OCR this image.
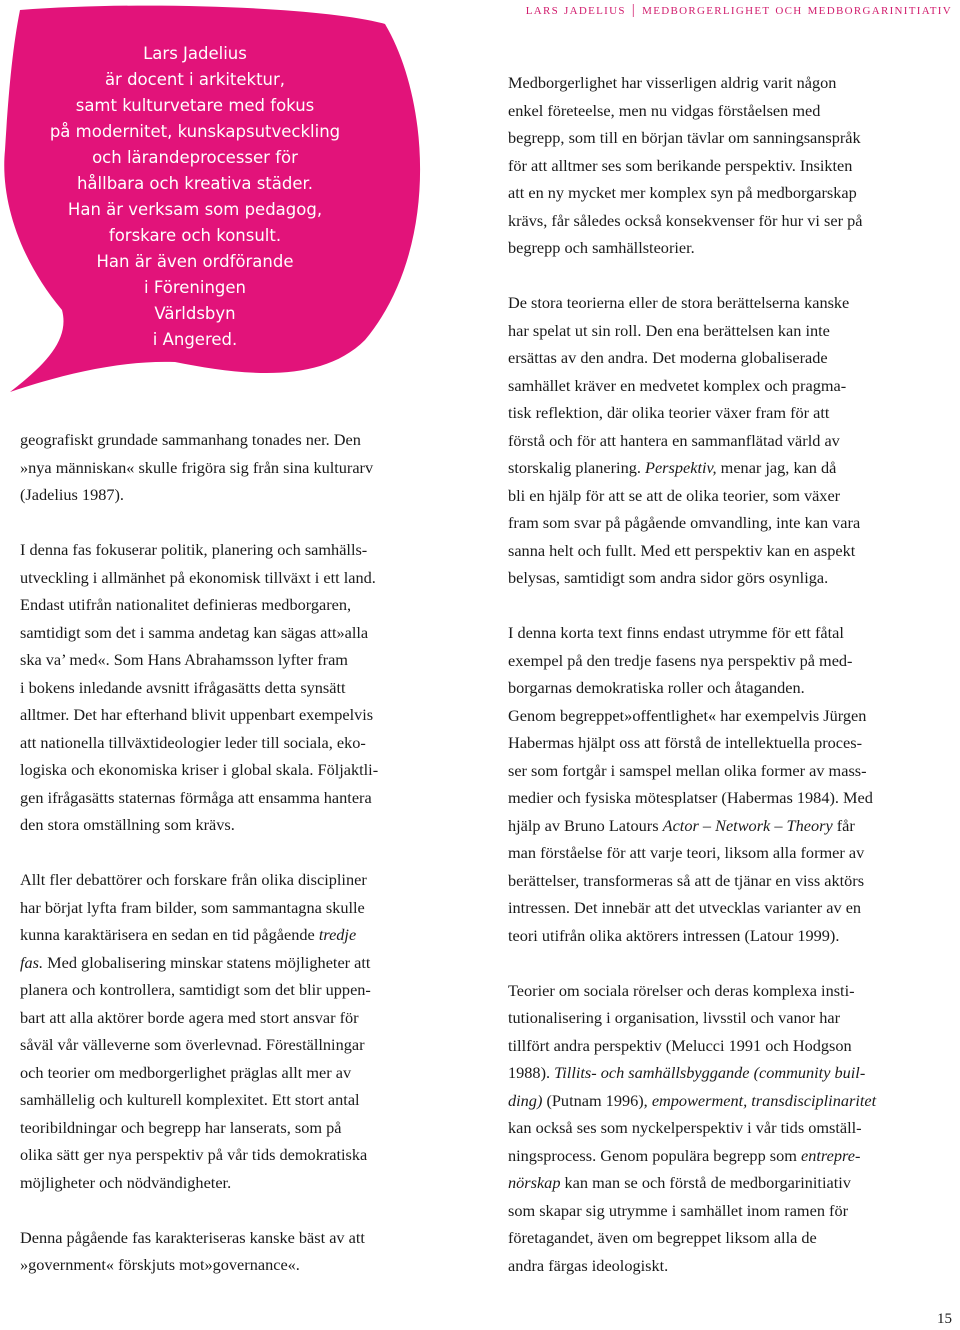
lars jadelius | medborgerlighet och medborgarinitiativ
Lars Jadelius
är docent i arkitektur,
samt kulturvetare med fokus
på modernitet, kunskapsutveckling
och lärandeprocesser för
hållbara och kreativa städer.
Han är verksam som pedagog,
forskare och konsult.
Han är även ordförande
i Föreningen
Världsbyn
i Angered.
geografiskt grundade sammanhang tonades ner. Den
»nya människan« skulle frigöra sig från sina kulturarv
(Jadelius 1987).
I denna fas fokuserar politik, planering och samhälls-
utveckling i allmänhet på ekonomisk tillväxt i ett land.
Endast utifrån nationalitet definieras medborgaren,
samtidigt som det i samma andetag kan sägas att»alla
ska va’ med«. Som Hans Abrahamsson lyfter fram
i bokens inledande avsnitt ifrågasätts detta synsätt
alltmer. Det har efterhand blivit uppenbart exempelvis
att nationella tillväxtideologier leder till sociala, eko-
logiska och ekonomiska kriser i global skala. Följaktli-
gen ifrågasätts staternas förmåga att ensamma hantera
den stora omställning som krävs.
Allt fler debattörer och forskare från olika discipliner
har börjat lyfta fram bilder, som sammantagna skulle
kunna karaktärisera en sedan en tid pågående tredje
fas. Med globalisering minskar statens möjligheter att
planera och kontrollera, samtidigt som det blir uppen-
bart att alla aktörer borde agera med stort ansvar för
såväl vår välleverne som överlevnad. Föreställningar
och teorier om medborgerlighet präglas allt mer av
samhällelig och kulturell komplexitet. Ett stort antal
teoribildningar och begrepp har lanserats, som på
olika sätt ger nya perspektiv på vår tids demokratiska
möjligheter och nödvändigheter.
Denna pågående fas karakteriseras kanske bäst av att
»government« förskjuts mot»governance«.
Medborgerlighet har visserligen aldrig varit någon
enkel företeelse, men nu vidgas förståelsen med
begrepp, som till en början tävlar om sanningsanspråk
för att alltmer ses som berikande perspektiv. Insikten
att en ny mycket mer komplex syn på medborgarskap
krävs, får således också konsekvenser för hur vi ser på
begrepp och samhällsteorier.
De stora teorierna eller de stora berättelserna kanske
har spelat ut sin roll. Den ena berättelsen kan inte
ersättas av den andra. Det moderna globaliserade
samhället kräver en medvetet komplex och pragma-
tisk reflektion, där olika teorier växer fram för att
förstå och för att hantera en sammanflätad värld av
storskalig planering. Perspektiv, menar jag, kan då
bli en hjälp för att se att de olika teorier, som växer
fram som svar på pågående omvandling, inte kan vara
sanna helt och fullt. Med ett perspektiv kan en aspekt
belysas, samtidigt som andra sidor görs osynliga.
I denna korta text finns endast utrymme för ett fåtal
exempel på den tredje fasens nya perspektiv på med-
borgarnas demokratiska roller och åtaganden.
Genom begreppet»offentlighet« har exempelvis Jürgen
Habermas hjälpt oss att förstå de intellektuella proces-
ser som fortgår i samspel mellan olika former av mass-
medier och fysiska mötesplatser (Habermas 1984). Med
hjälp av Bruno Latours Actor – Network – Theory får
man förståelse för att varje teori, liksom alla former av
berättelser, transformeras så att de tjänar en viss aktörs
intressen. Det innebär att det utvecklas varianter av en
teori utifrån olika aktörers intressen (Latour 1999).
Teorier om sociala rörelser och deras komplexa insti-
tutionalisering i organisation, livsstil och vanor har
tillfört andra perspektiv (Melucci 1991 och Hodgson
1988). Tillits- och samhällsbyggande (community buil-
ding) (Putnam 1996), empowerment, transdisciplinaritet
kan också ses som nyckelperspektiv i vår tids omställ-
ningsprocess. Genom populära begrepp som entrepre-
nörskap kan man se och förstå de medborgarinitiativ
som skapar sig utrymme i samhället inom ramen för
företagandet, även om begreppet liksom alla de
andra färgas ideologiskt.
15
